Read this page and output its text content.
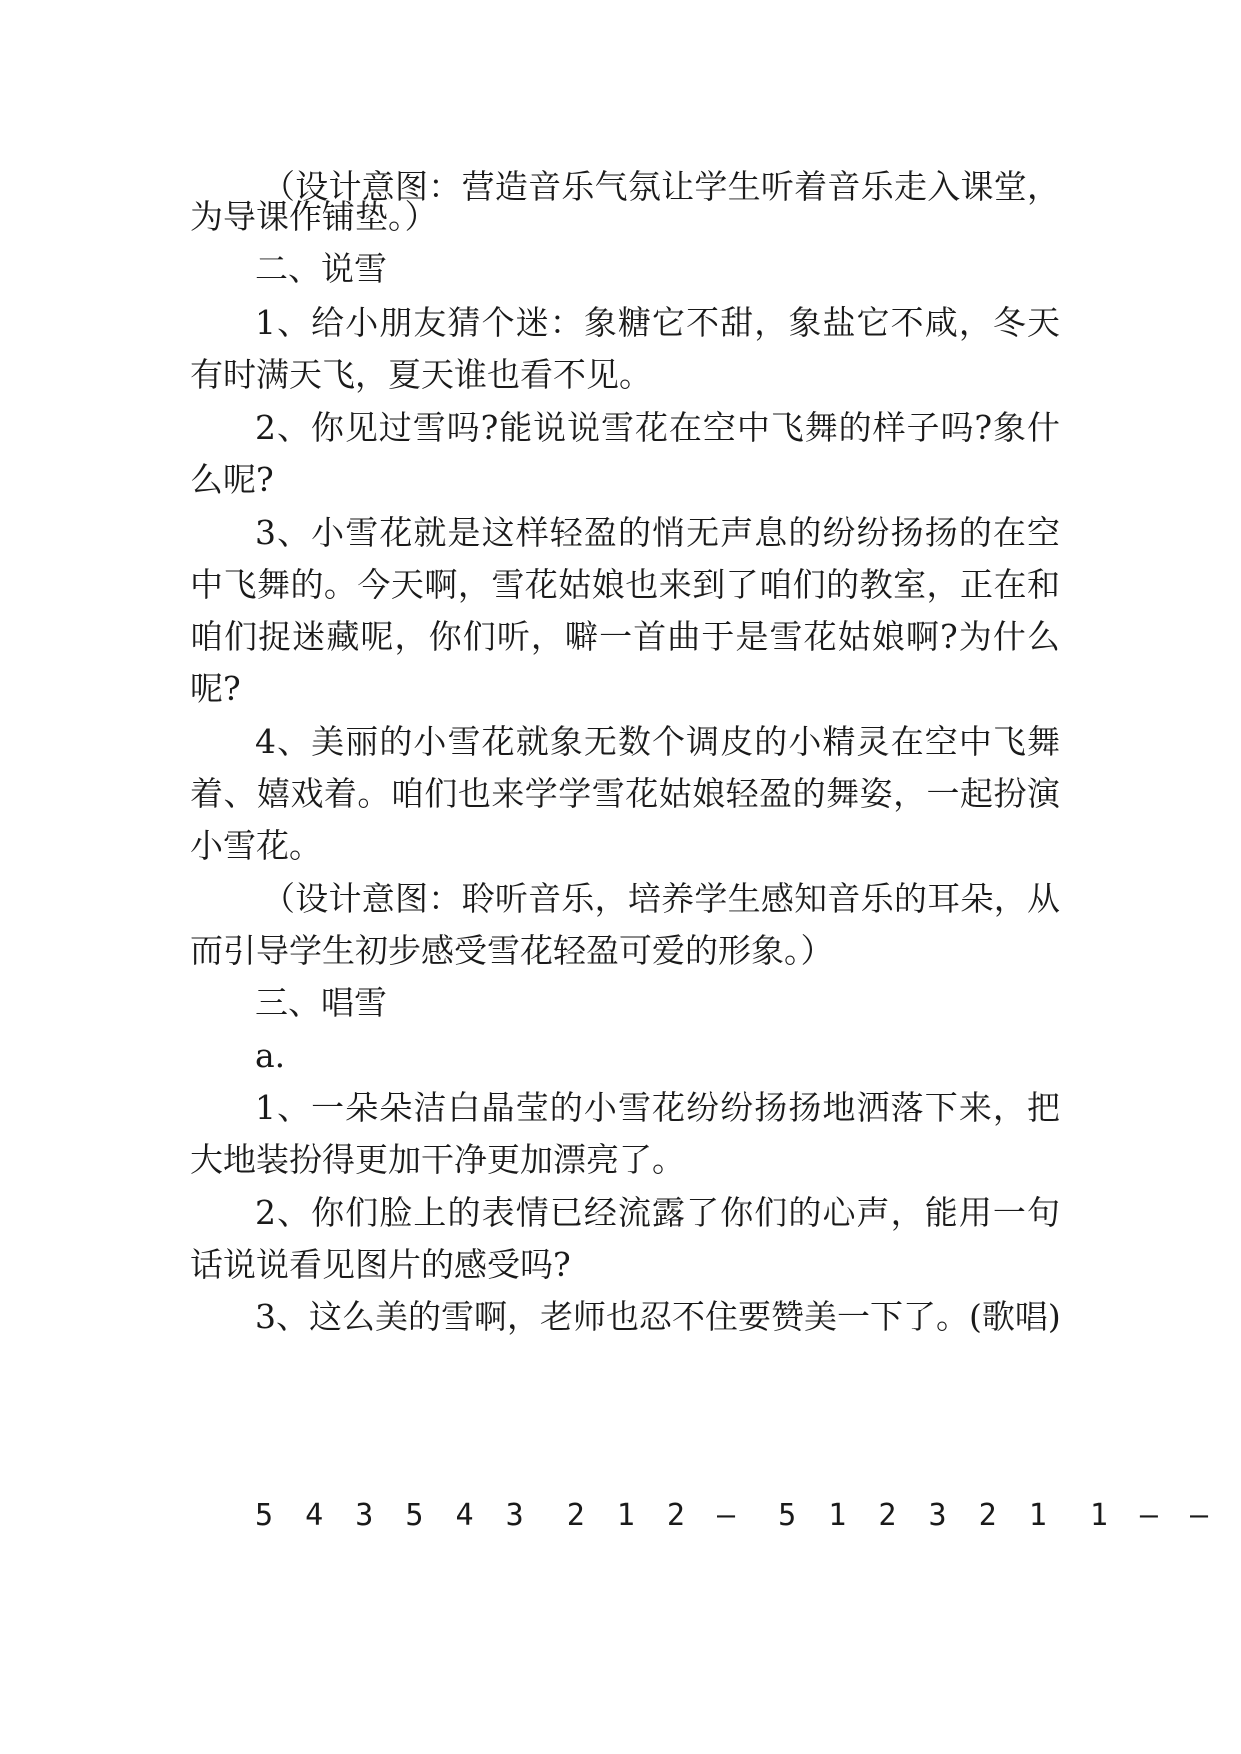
（设计意图：营造音乐气氛让学生听着音乐走入课堂，
为导课作铺垫。）
二、说雪
1、给小朋友猜个迷：象糖它不甜，象盐它不咸，冬天
有时满天飞，夏天谁也看不见。
2、你见过雪吗?能说说雪花在空中飞舞的样子吗?象什
么呢?
3、小雪花就是这样轻盈的悄无声息的纷纷扬扬的在空
中飞舞的。今天啊，雪花姑娘也来到了咱们的教室，正在和
咱们捉迷藏呢，你们听，噼一首曲于是雪花姑娘啊?为什么
呢?
4、美丽的小雪花就象无数个调皮的小精灵在空中飞舞
着、嬉戏着。咱们也来学学雪花姑娘轻盈的舞姿，一起扮演
小雪花。
（设计意图：聆听音乐，培养学生感知音乐的耳朵，从
而引导学生初步感受雪花轻盈可爱的形象。）
三、唱雪
a.
1、一朵朵洁白晶莹的小雪花纷纷扬扬地洒落下来，把
大地装扮得更加干净更加漂亮了。
2、你们脸上的表情已经流露了你们的心声，能用一句
话说说看见图片的感受吗?
3、这么美的雪啊，老师也忍不住要赞美一下了。(歌唱)
5 4 3 5 4 3 2 1 2 — 5 1 2 3 2 1 1 — —
